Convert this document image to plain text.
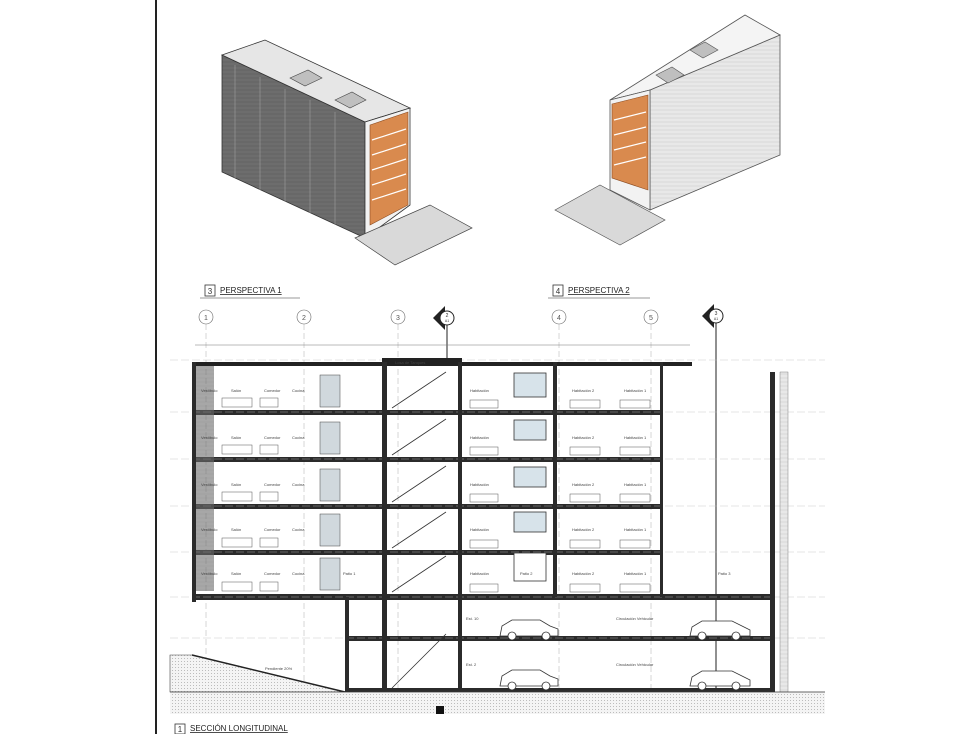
3 PERSPECTIVA 1	4 PERSPECTIVA 2
1	2	3	4	5
2
A1
3
A1
Losa de Tanques
Pendiente 20%
Est. 10	Circulación Vehicular
Est. 2	Circulación Vehicular
Vestíbulo	Salón	Comedor	Cocina	Habitación	Habitación 2	Habitación 1
Vestíbulo	Salón	Comedor	Cocina	Habitación	Habitación 2	Habitación 1
Vestíbulo	Salón	Comedor	Cocina	Habitación	Habitación 2	Habitación 1
Vestíbulo	Salón	Comedor	Cocina	Habitación	Habitación 2	Habitación 1
Vestíbulo	Salón	Comedor	Cocina	Patio 1	Habitación	Patio 2	Habitación 2	Habitación 1	Patio 3
1 SECCIÓN LONGITUDINAL
